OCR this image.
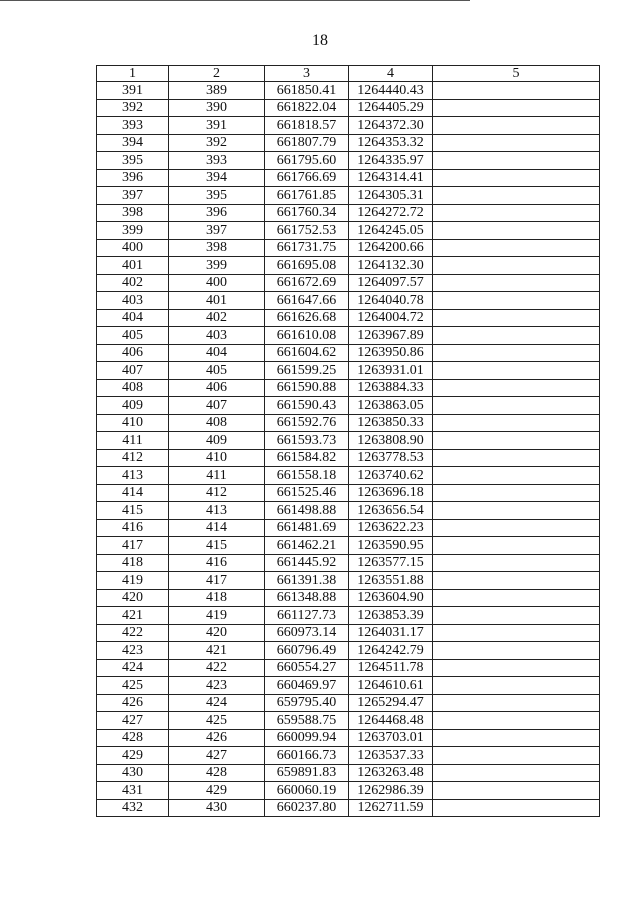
18
1	2	3	4	5
391	389	661850.41	1264440.43	
392	390	661822.04	1264405.29	
393	391	661818.57	1264372.30	
394	392	661807.79	1264353.32	
395	393	661795.60	1264335.97	
396	394	661766.69	1264314.41	
397	395	661761.85	1264305.31	
398	396	661760.34	1264272.72	
399	397	661752.53	1264245.05	
400	398	661731.75	1264200.66	
401	399	661695.08	1264132.30	
402	400	661672.69	1264097.57	
403	401	661647.66	1264040.78	
404	402	661626.68	1264004.72	
405	403	661610.08	1263967.89	
406	404	661604.62	1263950.86	
407	405	661599.25	1263931.01	
408	406	661590.88	1263884.33	
409	407	661590.43	1263863.05	
410	408	661592.76	1263850.33	
411	409	661593.73	1263808.90	
412	410	661584.82	1263778.53	
413	411	661558.18	1263740.62	
414	412	661525.46	1263696.18	
415	413	661498.88	1263656.54	
416	414	661481.69	1263622.23	
417	415	661462.21	1263590.95	
418	416	661445.92	1263577.15	
419	417	661391.38	1263551.88	
420	418	661348.88	1263604.90	
421	419	661127.73	1263853.39	
422	420	660973.14	1264031.17	
423	421	660796.49	1264242.79	
424	422	660554.27	1264511.78	
425	423	660469.97	1264610.61	
426	424	659795.40	1265294.47	
427	425	659588.75	1264468.48	
428	426	660099.94	1263703.01	
429	427	660166.73	1263537.33	
430	428	659891.83	1263263.48	
431	429	660060.19	1262986.39	
432	430	660237.80	1262711.59	
